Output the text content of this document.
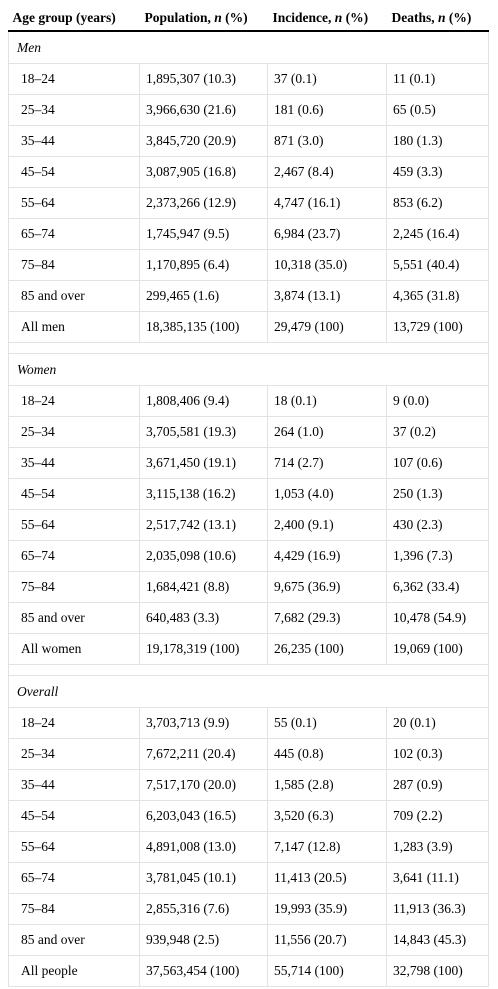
Age group (years)	Population, n (%)	Incidence, n (%)	Deaths, n (%)
Men			
18–24	1,895,307 (10.3)	37 (0.1)	11 (0.1)
25–34	3,966,630 (21.6)	181 (0.6)	65 (0.5)
35–44	3,845,720 (20.9)	871 (3.0)	180 (1.3)
45–54	3,087,905 (16.8)	2,467 (8.4)	459 (3.3)
55–64	2,373,266 (12.9)	4,747 (16.1)	853 (6.2)
65–74	1,745,947 (9.5)	6,984 (23.7)	2,245 (16.4)
75–84	1,170,895 (6.4)	10,318 (35.0)	5,551 (40.4)
85 and over	299,465 (1.6)	3,874 (13.1)	4,365 (31.8)
All men	18,385,135 (100)	29,479 (100)	13,729 (100)

Women			
18–24	1,808,406 (9.4)	18 (0.1)	9 (0.0)
25–34	3,705,581 (19.3)	264 (1.0)	37 (0.2)
35–44	3,671,450 (19.1)	714 (2.7)	107 (0.6)
45–54	3,115,138 (16.2)	1,053 (4.0)	250 (1.3)
55–64	2,517,742 (13.1)	2,400 (9.1)	430 (2.3)
65–74	2,035,098 (10.6)	4,429 (16.9)	1,396 (7.3)
75–84	1,684,421 (8.8)	9,675 (36.9)	6,362 (33.4)
85 and over	640,483 (3.3)	7,682 (29.3)	10,478 (54.9)
All women	19,178,319 (100)	26,235 (100)	19,069 (100)

Overall			
18–24	3,703,713 (9.9)	55 (0.1)	20 (0.1)
25–34	7,672,211 (20.4)	445 (0.8)	102 (0.3)
35–44	7,517,170 (20.0)	1,585 (2.8)	287 (0.9)
45–54	6,203,043 (16.5)	3,520 (6.3)	709 (2.2)
55–64	4,891,008 (13.0)	7,147 (12.8)	1,283 (3.9)
65–74	3,781,045 (10.1)	11,413 (20.5)	3,641 (11.1)
75–84	2,855,316 (7.6)	19,993 (35.9)	11,913 (36.3)
85 and over	939,948 (2.5)	11,556 (20.7)	14,843 (45.3)
All people	37,563,454 (100)	55,714 (100)	32,798 (100)
